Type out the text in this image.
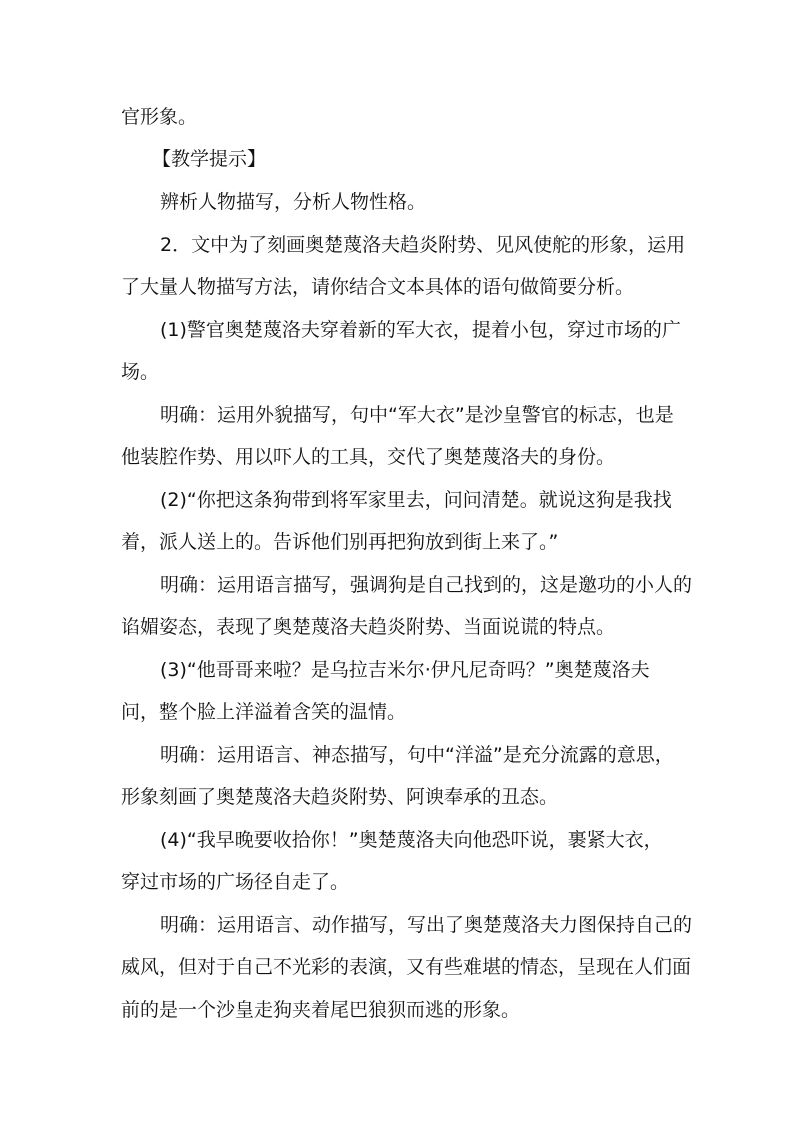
官形象。
【教学提示】
辨析人物描写，分析人物性格。
2．文中为了刻画奥楚蔑洛夫趋炎附势、见风使舵的形象，运用
了大量人物描写方法，请你结合文本具体的语句做简要分析。
(1)警官奥楚蔑洛夫穿着新的军大衣，提着小包，穿过市场的广
场。
明确：运用外貌描写，句中“军大衣”是沙皇警官的标志，也是
他装腔作势、用以吓人的工具，交代了奥楚蔑洛夫的身份。
(2)“你把这条狗带到将军家里去，问问清楚。就说这狗是我找
着，派人送上的。告诉他们别再把狗放到街上来了。”
明确：运用语言描写，强调狗是自己找到的，这是邀功的小人的
谄媚姿态，表现了奥楚蔑洛夫趋炎附势、当面说谎的特点。
(3)“他哥哥来啦？是乌拉吉米尔·伊凡尼奇吗？”奥楚蔑洛夫
问，整个脸上洋溢着含笑的温情。
明确：运用语言、神态描写，句中“洋溢”是充分流露的意思，
形象刻画了奥楚蔑洛夫趋炎附势、阿谀奉承的丑态。
(4)“我早晚要收拾你！”奥楚蔑洛夫向他恐吓说，裹紧大衣，
穿过市场的广场径自走了。
明确：运用语言、动作描写，写出了奥楚蔑洛夫力图保持自己的
威风，但对于自己不光彩的表演，又有些难堪的情态，呈现在人们面
前的是一个沙皇走狗夹着尾巴狼狈而逃的形象。
